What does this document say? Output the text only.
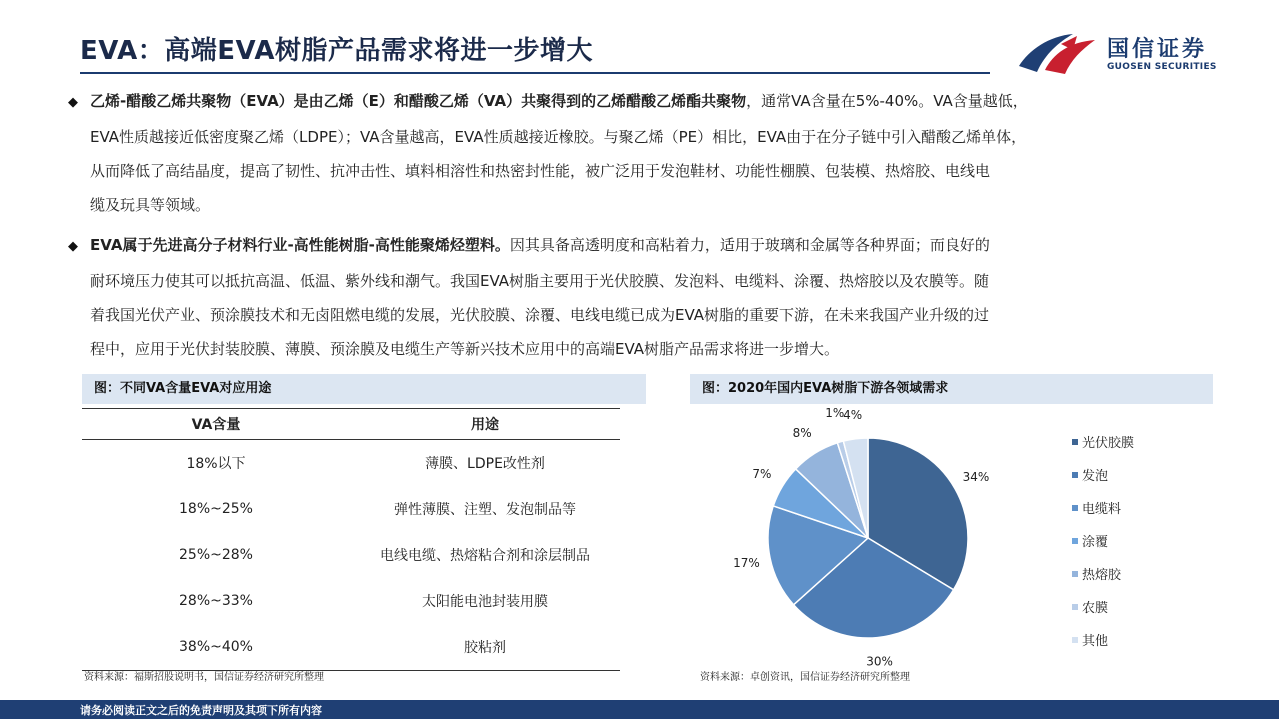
EVA：高端EVA树脂产品需求将进一步增大	国信证券
GUOSEN SECURITIES
◆ 乙烯-醋酸乙烯共聚物（EVA）是由乙烯（E）和醋酸乙烯（VA）共聚得到的乙烯醋酸乙烯酯共聚物，通常VA含量在5%-40%。VA含量越低，
EVA性质越接近低密度聚乙烯（LDPE）；VA含量越高，EVA性质越接近橡胶。与聚乙烯（PE）相比，EVA由于在分子链中引入醋酸乙烯单体，
从而降低了高结晶度，提高了韧性、抗冲击性、填料相溶性和热密封性能，被广泛用于发泡鞋材、功能性棚膜、包装模、热熔胶、电线电
缆及玩具等领域。
◆ EVA属于先进高分子材料行业-高性能树脂-高性能聚烯烃塑料。因其具备高透明度和高粘着力，适用于玻璃和金属等各种界面；而良好的
耐环境压力使其可以抵抗高温、低温、紫外线和潮气。我国EVA树脂主要用于光伏胶膜、发泡料、电缆料、涂覆、热熔胶以及农膜等。随
着我国光伏产业、预涂膜技术和无卤阻燃电缆的发展，光伏胶膜、涂覆、电线电缆已成为EVA树脂的重要下游，在未来我国产业升级的过
程中，应用于光伏封装胶膜、薄膜、预涂膜及电缆生产等新兴技术应用中的高端EVA树脂产品需求将进一步增大。
图：不同VA含量EVA对应用途
VA含量	用途
18%以下	薄膜、LDPE改性剂
18%~25%	弹性薄膜、注塑、发泡制品等
25%~28%	电线电缆、热熔粘合剂和涂层制品
28%~33%	太阳能电池封装用膜
38%~40%	胶粘剂
资料来源：福斯招股说明书，国信证券经济研究所整理
图：2020年国内EVA树脂下游各领域需求
34%
30%
17%
7%
8%
1%
4%
光伏胶膜
发泡
电缆料
涂覆
热熔胶
农膜
其他
资料来源：卓创资讯，国信证券经济研究所整理
请务必阅读正文之后的免责声明及其项下所有内容
